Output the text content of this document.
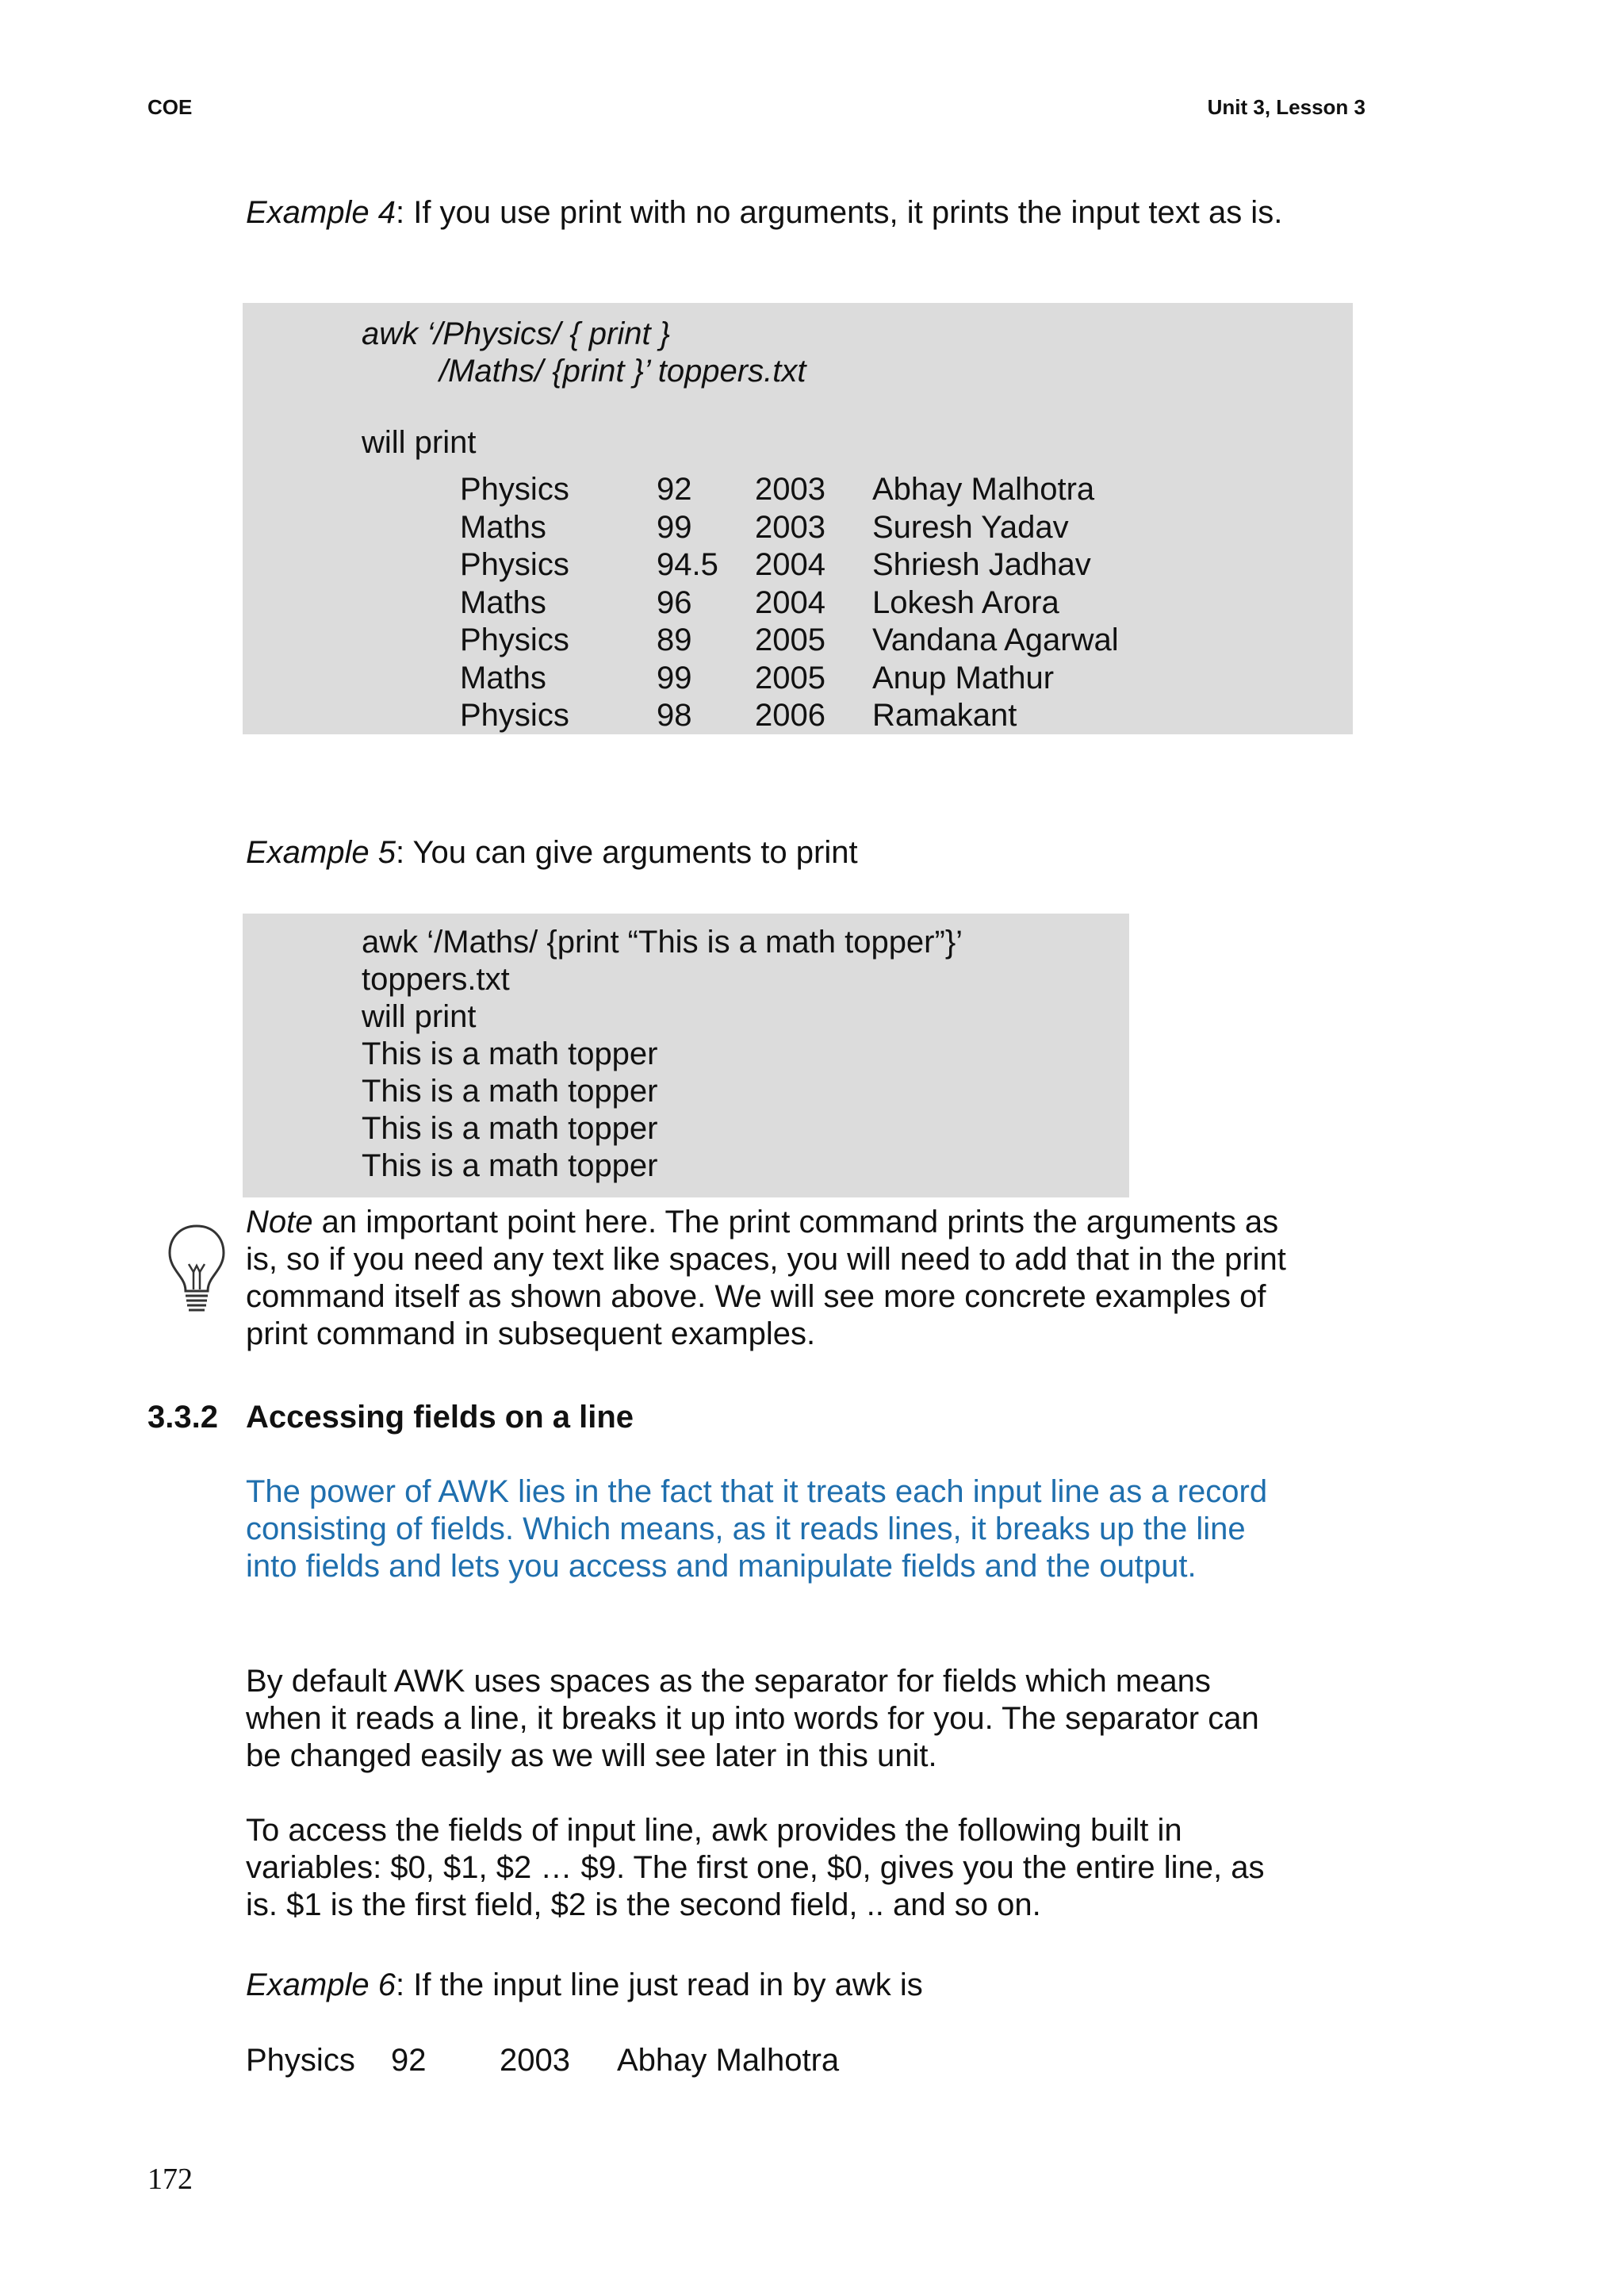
COE	Unit 3, Lesson 3

Example 4: If you use print with no arguments, it prints the input text as is.

awk ‘/Physics/ { print }
/Maths/ {print }’ toppers.txt
will print
Physics	92	2003	Abhay Malhotra
Maths	99	2003	Suresh Yadav
Physics	94.5	2004	Shriesh Jadhav
Maths	96	2004	Lokesh Arora
Physics	89	2005	Vandana Agarwal
Maths	99	2005	Anup Mathur
Physics	98	2006	Ramakant

Example 5: You can give arguments to print

awk ‘/Maths/ {print “This is a math topper”}’
toppers.txt
will print
This is a math topper
This is a math topper
This is a math topper
This is a math topper

Note an important point here. The print command prints the arguments as is, so if you need any text like spaces, you will need to add that in the print command itself as shown above. We will see more concrete examples of print command in subsequent examples.

3.3.2 Accessing fields on a line

The power of AWK lies in the fact that it treats each input line as a record consisting of fields. Which means, as it reads lines, it breaks up the line into fields and lets you access and manipulate fields and the output.

By default AWK uses spaces as the separator for fields which means when it reads a line, it breaks it up into words for you. The separator can be changed easily as we will see later in this unit.

To access the fields of input line, awk provides the following built in variables: $0, $1, $2 … $9. The first one, $0, gives you the entire line, as is. $1 is the first field, $2 is the second field, .. and so on.

Example 6: If the input line just read in by awk is

Physics 92 2003 Abhay Malhotra
172
